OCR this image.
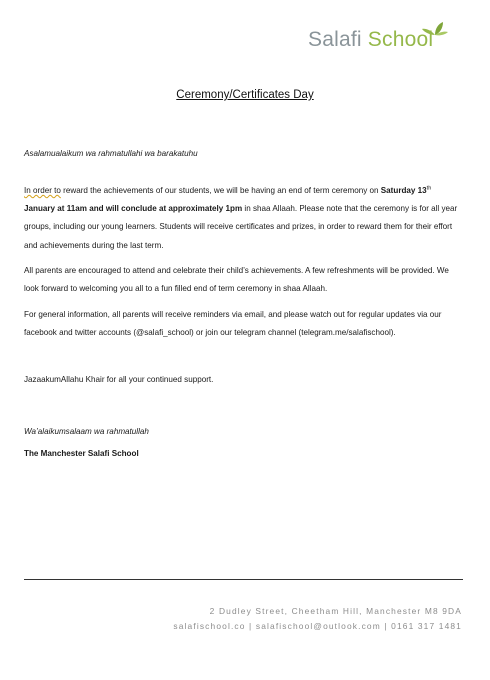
Salafi School
Ceremony/Certificates Day
Asalamualaikum wa rahmatullahi wa barakatuhu
In order to reward the achievements of our students, we will be having an end of term ceremony on Saturday 13th January at 11am and will conclude at approximately 1pm in shaa Allaah. Please note that the ceremony is for all year groups, including our young learners. Students will receive certificates and prizes, in order to reward them for their effort and achievements during the last term.
All parents are encouraged to attend and celebrate their child’s achievements. A few refreshments will be provided. We look forward to welcoming you all to a fun filled end of term ceremony in shaa Allaah.
For general information, all parents will receive reminders via email, and please watch out for regular updates via our facebook and twitter accounts (@salafi_school) or join our telegram channel (telegram.me/salafischool).
JazaakumAllahu Khair for all your continued support.
Wa’alaikumsalaam wa rahmatullah
The Manchester Salafi School
2 Dudley Street, Cheetham Hill, Manchester M8 9DA
salafischool.co | salafischool@outlook.com | 0161 317 1481
